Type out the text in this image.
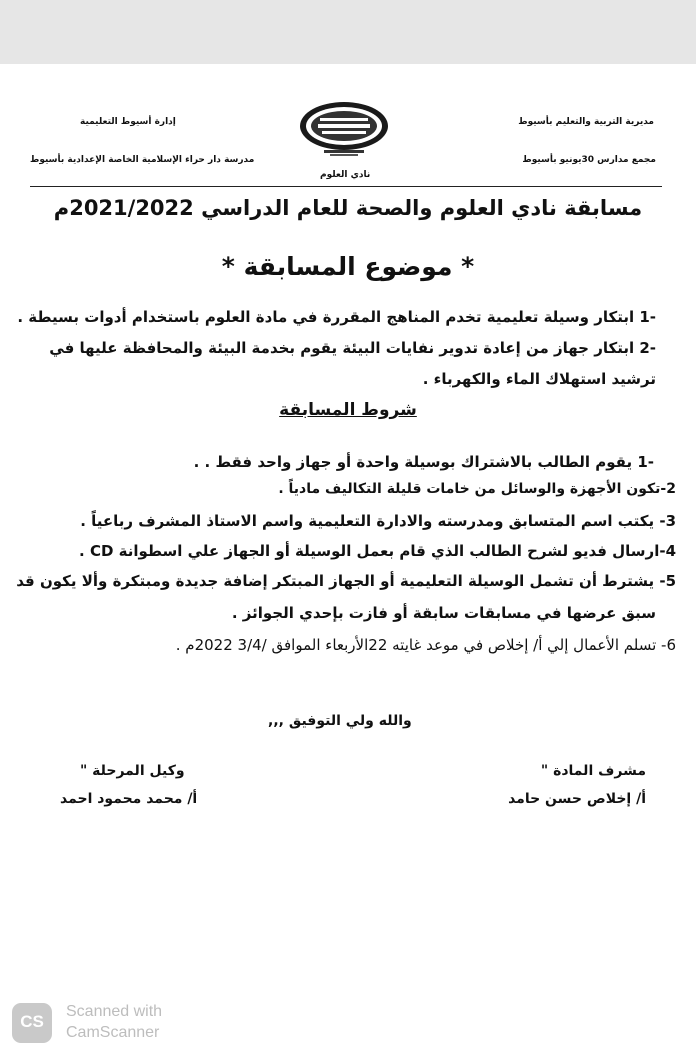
مديرية التربية والتعليم بأسيوط
مجمع مدارس 30يونيو بأسيوط
إدارة أسيوط التعليمية
مدرسة دار حراء الإسلامية الخاصة الإعدادية بأسيوط
نادي العلوم
مسابقة نادي العلوم والصحة للعام الدراسي 2021/2022م
* موضوع المسابقة *
-1 ابتكار وسيلة تعليمية تخدم المناهج المقررة في مادة العلوم باستخدام أدوات بسيطة .
-2 ابتكار جهاز من إعادة تدوير نفايات البيئة يقوم بخدمة البيئة والمحافظة عليها في
ترشيد استهلاك الماء والكهرباء .
شروط المسابقة
-1 يقوم الطالب بالاشتراك بوسيلة واحدة أو جهاز واحد فقط . .
2-تكون الأجهزة والوسائل من خامات قليلة التكاليف مادياً .
3- يكتب اسم المتسابق ومدرسته والادارة التعليمية واسم الاستاذ المشرف رباعياً .
4-ارسال فديو لشرح الطالب الذي قام بعمل الوسيلة أو الجهاز علي اسطوانة CD .
5- يشترط أن تشمل الوسيلة التعليمية أو الجهاز المبتكر إضافة جديدة ومبتكرة وألا يكون قد
سبق عرضها في مسابقات سابقة أو فازت بإحدي الجوائز .
6- تسلم الأعمال إلي أ/ إخلاص في موعد غايته 22الأربعاء الموافق /3/4 2022م .
والله ولي التوفيق ,,,
مشرف المادة "
أ/ إخلاص حسن حامد
وكيل المرحلة "
أ/ محمد محمود احمد
CS
Scanned with
CamScanner
